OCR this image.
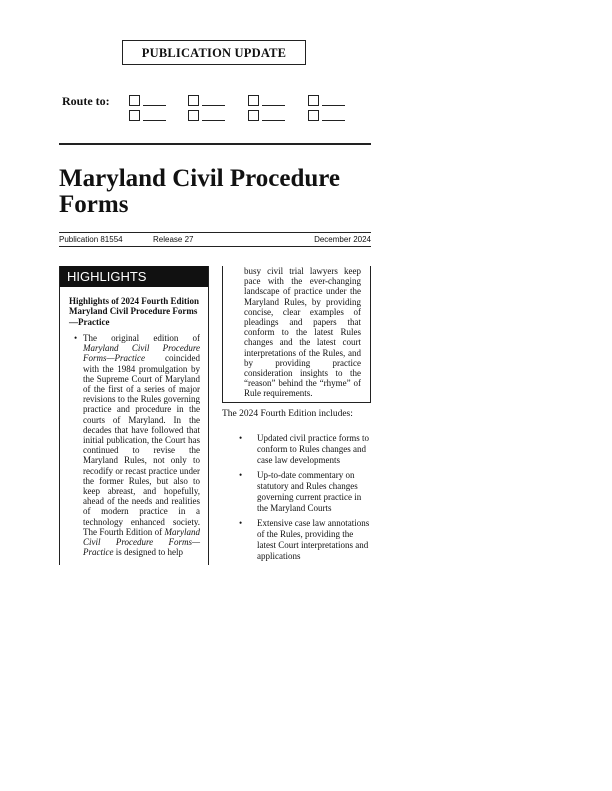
PUBLICATION UPDATE
Route to:
Maryland Civil Procedure Forms
Publication 81554	Release 27	December 2024
HIGHLIGHTS
Highlights of 2024 Fourth Edition Maryland Civil Procedure Forms—Practice
• The original edition of Maryland Civil Procedure Forms—Practice coincided with the 1984 promulgation by the Supreme Court of Maryland of the first of a series of major revisions to the Rules governing practice and procedure in the courts of Maryland. In the decades that have followed that initial publication, the Court has continued to revise the Maryland Rules, not only to recodify or recast practice under the former Rules, but also to keep abreast, and hopefully, ahead of the needs and realities of modern practice in a technology enhanced society. The Fourth Edition of Maryland Civil Procedure Forms—Practice is designed to help
busy civil trial lawyers keep pace with the ever-changing landscape of practice under the Maryland Rules, by providing concise, clear examples of pleadings and papers that conform to the latest Rules changes and the latest court interpretations of the Rules, and by providing practice consideration insights to the “reason” behind the “rhyme” of Rule requirements.

The 2024 Fourth Edition includes:

• Updated civil practice forms to conform to Rules changes and case law developments
• Up-to-date commentary on statutory and Rules changes governing current practice in the Maryland Courts
• Extensive case law annotations of the Rules, providing the latest Court interpretations and applications
